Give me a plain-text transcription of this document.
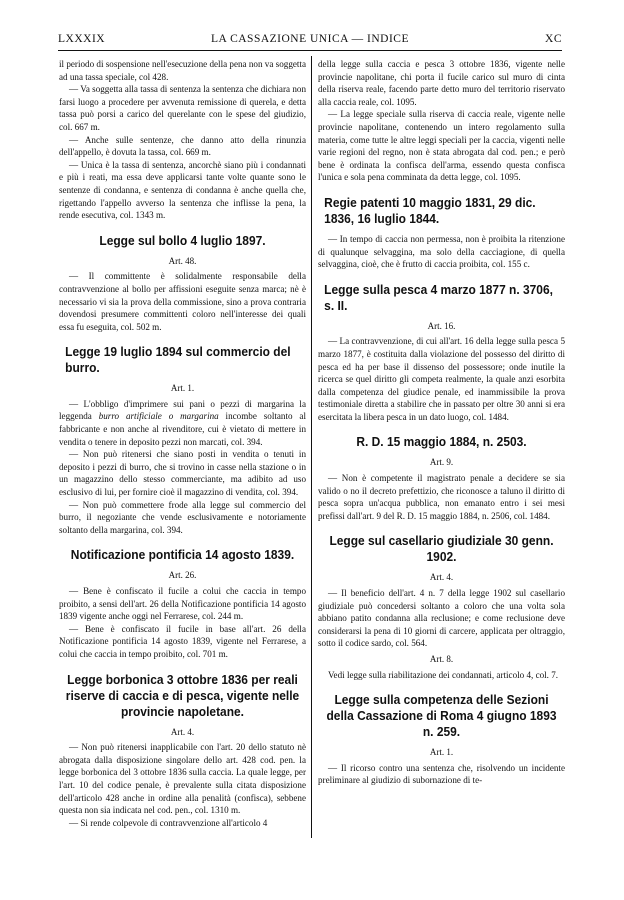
LXXXIX	LA CASSAZIONE UNICA — INDICE	XC

il periodo di sospensione nell'esecuzione della pena non va soggetta ad una tassa speciale, col 428.

— Va soggetta alla tassa di sentenza la sentenza che dichiara non farsi luogo a procedere per avvenuta remissione di querela, e detta tassa può porsi a carico del querelante con le spese del giudizio, col. 667 m.

— Anche sulle sentenze, che danno atto della rinunzia dell'appello, è dovuta la tassa, col. 669 m.

— Unica è la tassa di sentenza, ancorchè siano più i condannati e più i reati, ma essa deve applicarsi tante volte quante sono le sentenze di condanna, e sentenza di condanna è anche quella che, rigettando l'appello avverso la sentenza che inflisse la pena, la rende esecutiva, col. 1343 m.

Legge sul bollo 4 luglio 1897.
Art. 48.

— Il committente è solidalmente responsabile della contravvenzione al bollo per affissioni eseguite senza marca; nè è necessario vi sia la prova della commissione, sino a prova contraria dovendosi presumere committenti coloro nell'interesse dei quali essa fu eseguita, col. 502 m.

Legge 19 luglio 1894 sul commercio del burro.
Art. 1.

— L'obbligo d'imprimere sui pani o pezzi di margarina la leggenda burro artificiale o margarina incombe soltanto al fabbricante e non anche al rivenditore, cui è vietato di mettere in vendita o tenere in deposito pezzi non marcati, col. 394.

— Non può ritenersi che siano posti in vendita o tenuti in deposito i pezzi di burro, che si trovino in casse nella stazione o in un magazzino dello stesso commerciante, ma adibito ad uso esclusivo di lui, per fornire cioè il magazzino di vendita, col. 394.

— Non può commettere frode alla legge sul commercio del burro, il negoziante che vende esclusivamente e notoriamente soltanto della margarina, col. 394.

Notificazione pontificia 14 agosto 1839.
Art. 26.

— Bene è confiscato il fucile a colui che caccia in tempo proibito, a sensi dell'art. 26 della Notificazione pontificia 14 agosto 1839 vigente anche oggi nel Ferrarese, col. 244 m.

— Bene è confiscato il fucile in base all'art. 26 della Notificazione pontificia 14 agosto 1839, vigente nel Ferrarese, a colui che caccia in tempo proibito, col. 701 m.

Legge borbonica 3 ottobre 1836 per reali riserve di caccia e di pesca, vigente nelle provincie napoletane.
Art. 4.

— Non può ritenersi inapplicabile con l'art. 20 dello statuto nè abrogata dalla disposizione singolare dello art. 428 cod. pen. la legge borbonica del 3 ottobre 1836 sulla caccia. La quale legge, per l'art. 10 del codice penale, è prevalente sulla citata disposizione dell'articolo 428 anche in ordine alla penalità (confisca), sebbene questa non sia indicata nel cod. pen., col. 1310 m.

— Si rende colpevole di contravvenzione all'articolo 4

della legge sulla caccia e pesca 3 ottobre 1836, vigente nelle provincie napolitane, chi porta il fucile carico sul muro di cinta della riserva reale, facendo parte detto muro del territorio riservato alla caccia reale, col. 1095.

— La legge speciale sulla riserva di caccia reale, vigente nelle provincie napolitane, contenendo un intero regolamento sulla materia, come tutte le altre leggi speciali per la caccia, vigenti nelle varie regioni del regno, non è stata abrogata dal cod. pen.; e però bene è ordinata la confisca dell'arma, essendo questa confisca l'unica e sola pena comminata da detta legge, col. 1095.

Regie patenti 10 maggio 1831, 29 dic. 1836, 16 luglio 1844.

— In tempo di caccia non permessa, non è proibita la ritenzione di qualunque selvaggina, ma solo della cacciagione, di quella selvaggina, cioè, che è frutto di caccia proibita, col. 155 c.

Legge sulla pesca 4 marzo 1877 n. 3706, s. II.
Art. 16.

— La contravvenzione, di cui all'art. 16 della legge sulla pesca 5 marzo 1877, è costituita dalla violazione del possesso del diritto di pesca ed ha per base il dissenso del possessore; onde inutile la ricerca se quel diritto gli competa realmente, la quale anzi esorbita dalla competenza del giudice penale, ed inammissibile la prova testimoniale diretta a stabilire che in passato per oltre 30 anni si era esercitata la libera pesca in un dato luogo, col. 1484.

R. D. 15 maggio 1884, n. 2503.
Art. 9.

— Non è competente il magistrato penale a decidere se sia valido o no il decreto prefettizio, che riconosce a taluno il diritto di pesca sopra un'acqua pubblica, non emanato entro i sei mesi prefissi dall'art. 9 del R. D. 15 maggio 1884, n. 2506, col. 1484.

Legge sul casellario giudiziale 30 genn. 1902.
Art. 4.

— Il beneficio dell'art. 4 n. 7 della legge 1902 sul casellario giudiziale può concedersi soltanto a coloro che una volta sola abbiano patito condanna alla reclusione; e come reclusione deve considerarsi la pena di 10 giorni di carcere, applicata per oltraggio, sotto il codice sardo, col. 564.

Art. 8.

Vedi legge sulla riabilitazione dei condannati, articolo 4, col. 7.

Legge sulla competenza delle Sezioni della Cassazione di Roma 4 giugno 1893 n. 259.
Art. 1.

— Il ricorso contro una sentenza che, risolvendo un incidente preliminare al giudizio di subornazione di te-
